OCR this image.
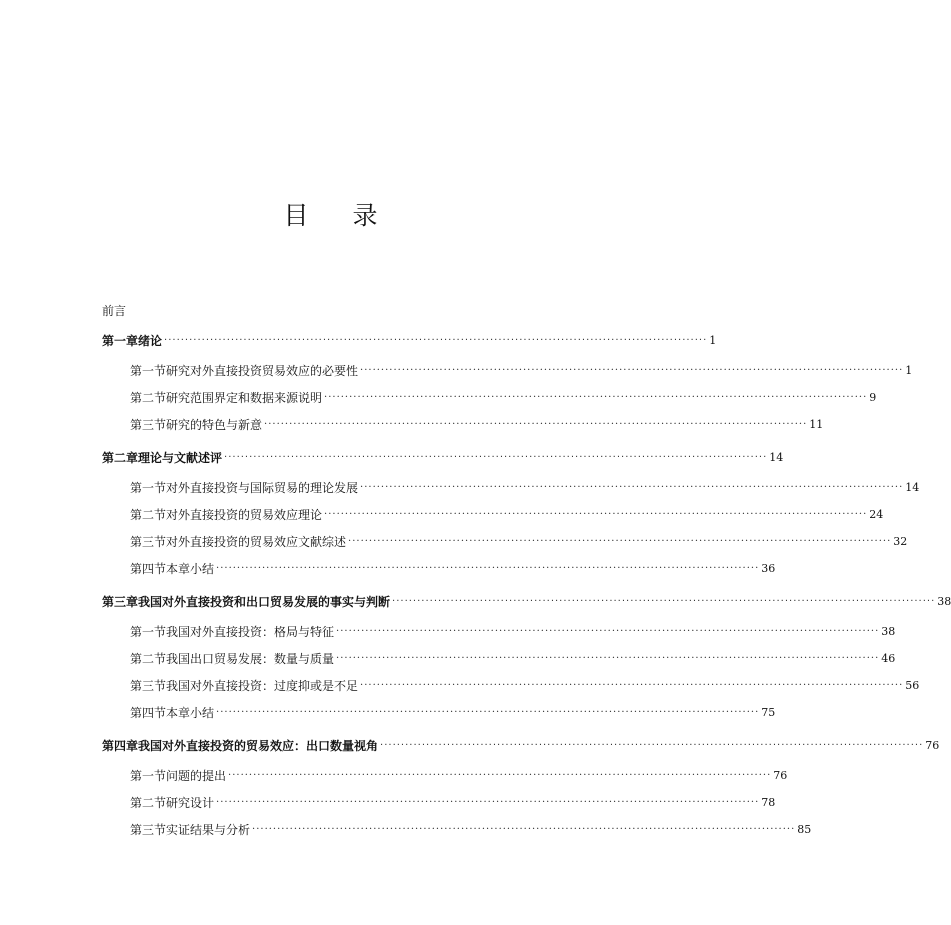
目 录
前言
第一章 绪论 ·································································································································· 1
第一节 研究对外直接投资贸易效应的必要性 ·································································································································· 1
第二节 研究范围界定和数据来源说明 ·································································································································· 9
第三节 研究的特色与新意 ·································································································································· 11
第二章 理论与文献述评 ·································································································································· 14
第一节 对外直接投资与国际贸易的理论发展 ·································································································································· 14
第二节 对外直接投资的贸易效应理论 ·································································································································· 24
第三节 对外直接投资的贸易效应文献综述 ·································································································································· 32
第四节 本章小结 ·································································································································· 36
第三章 我国对外直接投资和出口贸易发展的事实与判断 ·································································································································· 38
第一节 我国对外直接投资：格局与特征 ·································································································································· 38
第二节 我国出口贸易发展：数量与质量 ·································································································································· 46
第三节 我国对外直接投资：过度抑或是不足 ·································································································································· 56
第四节 本章小结 ·································································································································· 75
第四章 我国对外直接投资的贸易效应：出口数量视角 ·································································································································· 76
第一节 问题的提出 ·································································································································· 76
第二节 研究设计 ·································································································································· 78
第三节 实证结果与分析 ·································································································································· 85
